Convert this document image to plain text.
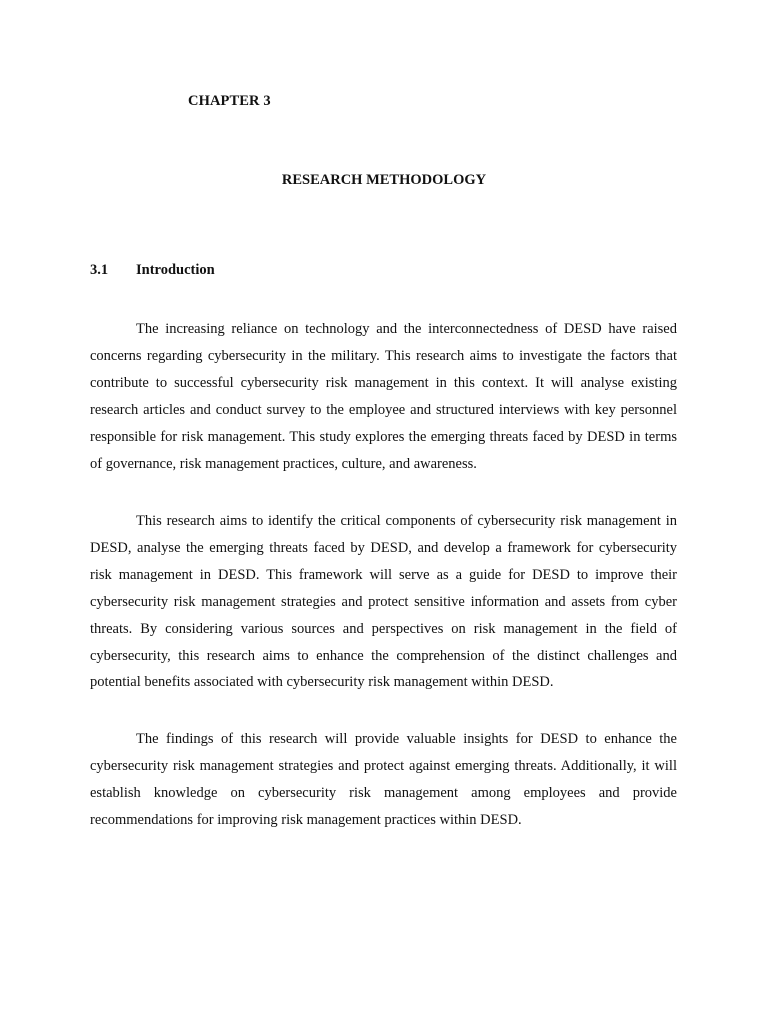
CHAPTER 3
RESEARCH METHODOLOGY
3.1 Introduction

The increasing reliance on technology and the interconnectedness of DESD have raised concerns regarding cybersecurity in the military. This research aims to investigate the factors that contribute to successful cybersecurity risk management in this context. It will analyse existing research articles and conduct survey to the employee and structured interviews with key personnel responsible for risk management. This study explores the emerging threats faced by DESD in terms of governance, risk management practices, culture, and awareness.

This research aims to identify the critical components of cybersecurity risk management in DESD, analyse the emerging threats faced by DESD, and develop a framework for cybersecurity risk management in DESD. This framework will serve as a guide for DESD to improve their cybersecurity risk management strategies and protect sensitive information and assets from cyber threats. By considering various sources and perspectives on risk management in the field of cybersecurity, this research aims to enhance the comprehension of the distinct challenges and potential benefits associated with cybersecurity risk management within DESD.

The findings of this research will provide valuable insights for DESD to enhance the cybersecurity risk management strategies and protect against emerging threats. Additionally, it will establish knowledge on cybersecurity risk management among employees and provide recommendations for improving risk management practices within DESD.
